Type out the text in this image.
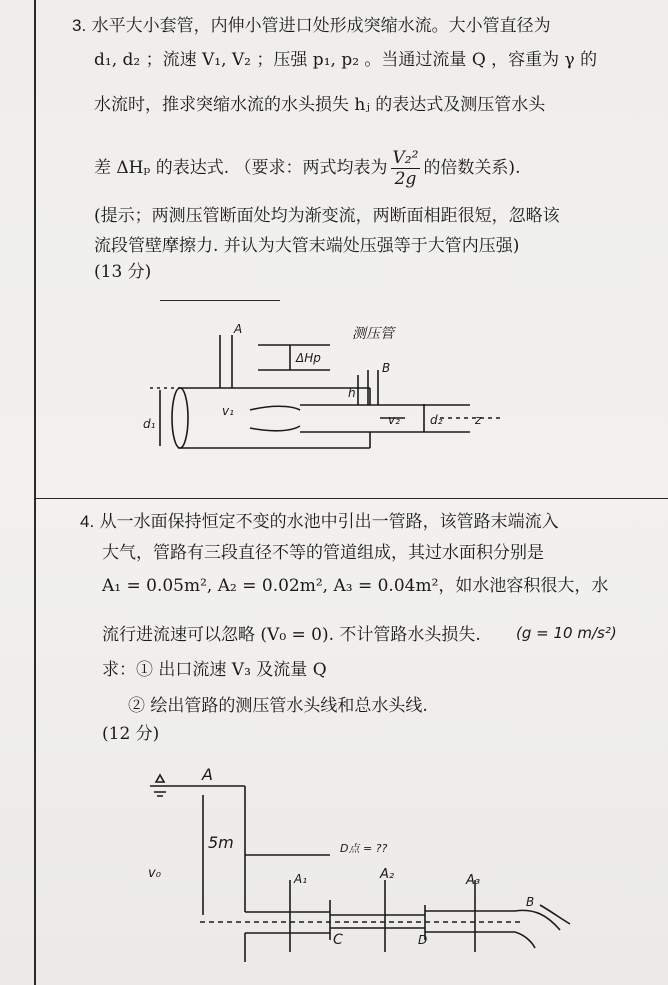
3. 水平大小套管，内伸小管进口处形成突缩水流。大小管直径为
d₁, d₂ ；流速 V₁, V₂ ；压强 p₁, p₂ 。当通过流量 Q ，容重为 γ 的
水流时，推求突缩水流的水头损失 hⱼ 的表达式及测压管水头
差 ΔHₚ 的表达式. （要求：两式均表为 $\frac{\text{V₂²}}{2g}$ 的倍数关系).
(提示；两测压管断面处均为渐变流，两断面相距很短，忽略该
流段管壁摩擦力. 并认为大管末端处压强等于大管内压强)
(13 分)
A
ΔHp
测压管
B
h
d₁
v₁
v₂	d₂	z
4. 从一水面保持恒定不变的水池中引出一管路，该管路末端流入
大气，管路有三段直径不等的管道组成，其过水面积分别是
A₁ = 0.05m², A₂ = 0.02m², A₃ = 0.04m²，如水池容积很大，水
流行进流速可以忽略 (V₀ = 0). 不计管路水头损失. (g = 10 m/s²)
求：① 出口流速 V₃ 及流量 Q
② 绘出管路的测压管水头线和总水头线.
(12 分)
A
5m
v₀
D点 = ??
A₁	A₂	A₃
B
C	D
